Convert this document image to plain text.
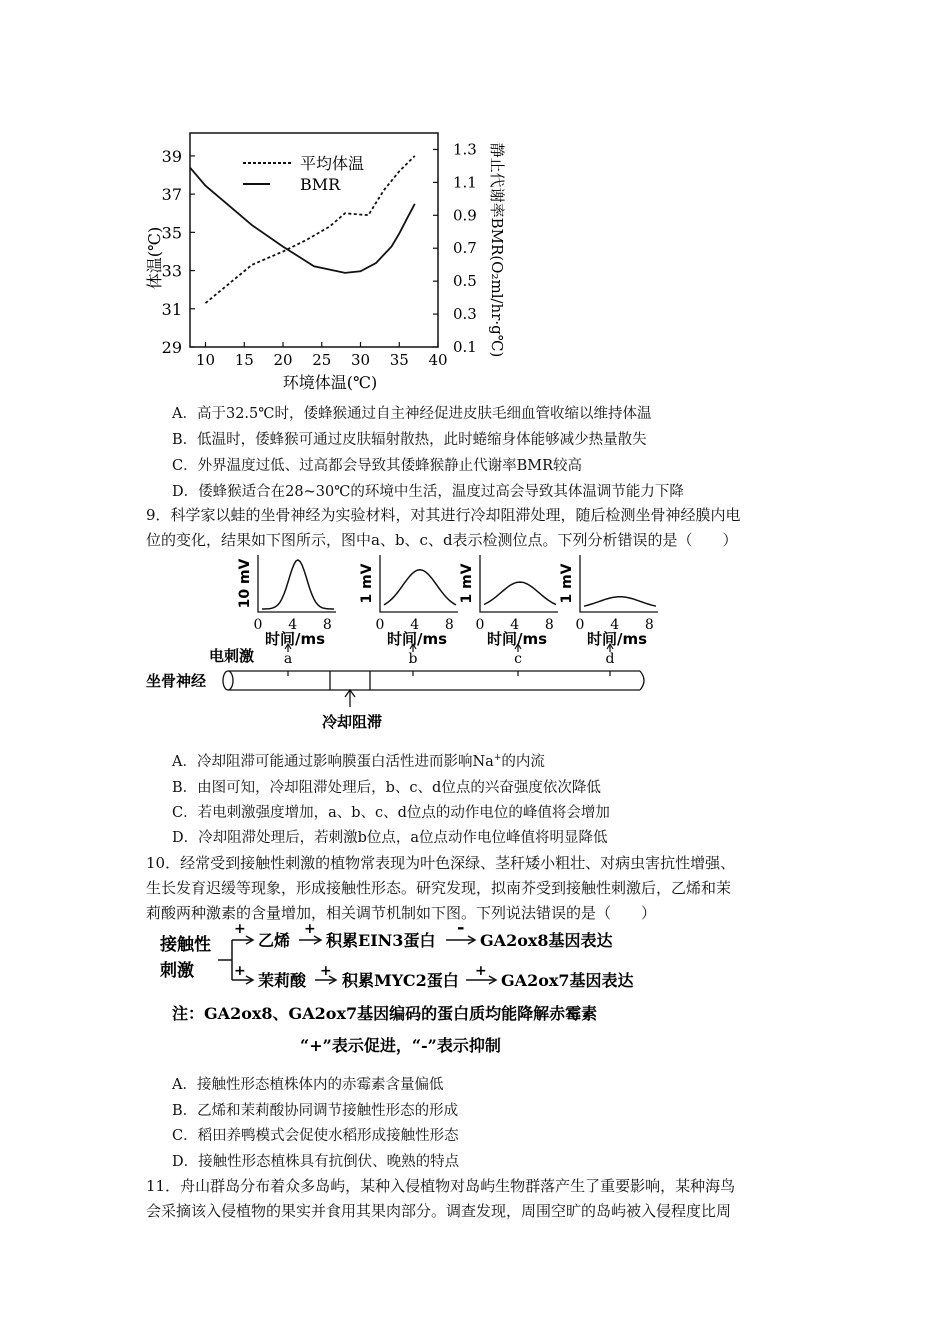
10 15 20 25 30 35 40
29
31
33
35
37
39
0.1
0.3
0.5
0.7
0.9
1.1
1.3
环境体温(℃)
体温(℃)	静止代谢率BMR(O₂ml/hr·g℃)
平均体温
BMR
A．高于32.5℃时，倭蜂猴通过自主神经促进皮肤毛细血管收缩以维持体温
B．低温时，倭蜂猴可通过皮肤辐射散热，此时蜷缩身体能够减少热量散失
C．外界温度过低、过高都会导致其倭蜂猴静止代谢率BMR较高
D．倭蜂猴适合在28~30℃的环境中生活，温度过高会导致其体温调节能力下降
9．科学家以蛙的坐骨神经为实验材料，对其进行冷却阻滞处理，随后检测坐骨神经膜内电
位的变化，结果如下图所示，图中a、b、c、d表示检测位点。下列分析错误的是（　　）
0 4 8
时间/ms
10 mV
a
0 4 8
时间/ms
1 mV
b
0 4 8
时间/ms
1 mV
c
0 4 8
时间/ms
1 mV
d
电刺激
坐骨神经
冷却阻滞
A．冷却阻滞可能通过影响膜蛋白活性进而影响Na+的内流
B．由图可知，冷却阻滞处理后，b、c、d位点的兴奋强度依次降低
C．若电刺激强度增加，a、b、c、d位点的动作电位的峰值将会增加
D．冷却阻滞处理后，若刺激b位点，a位点动作电位峰值将明显降低
10．经常受到接触性刺激的植物常表现为叶色深绿、茎秆矮小粗壮、对病虫害抗性增强、
生长发育迟缓等现象，形成接触性形态。研究发现，拟南芥受到接触性刺激后，乙烯和茉
莉酸两种激素的含量增加，相关调节机制如下图。下列说法错误的是（　　）
接触性
刺激
+	+	-
+	+	+
乙烯 积累EIN3蛋白	GA2ox8基因表达
茉莉酸 积累MYC2蛋白	GA2ox7基因表达
注：GA2ox8、GA2ox7基因编码的蛋白质均能降解赤霉素
“+”表示促进，“-”表示抑制
A．接触性形态植株体内的赤霉素含量偏低
B．乙烯和茉莉酸协同调节接触性形态的形成
C．稻田养鸭模式会促使水稻形成接触性形态
D．接触性形态植株具有抗倒伏、晚熟的特点
11．舟山群岛分布着众多岛屿，某种入侵植物对岛屿生物群落产生了重要影响，某种海鸟
会采摘该入侵植物的果实并食用其果肉部分。调查发现，周围空旷的岛屿被入侵程度比周
